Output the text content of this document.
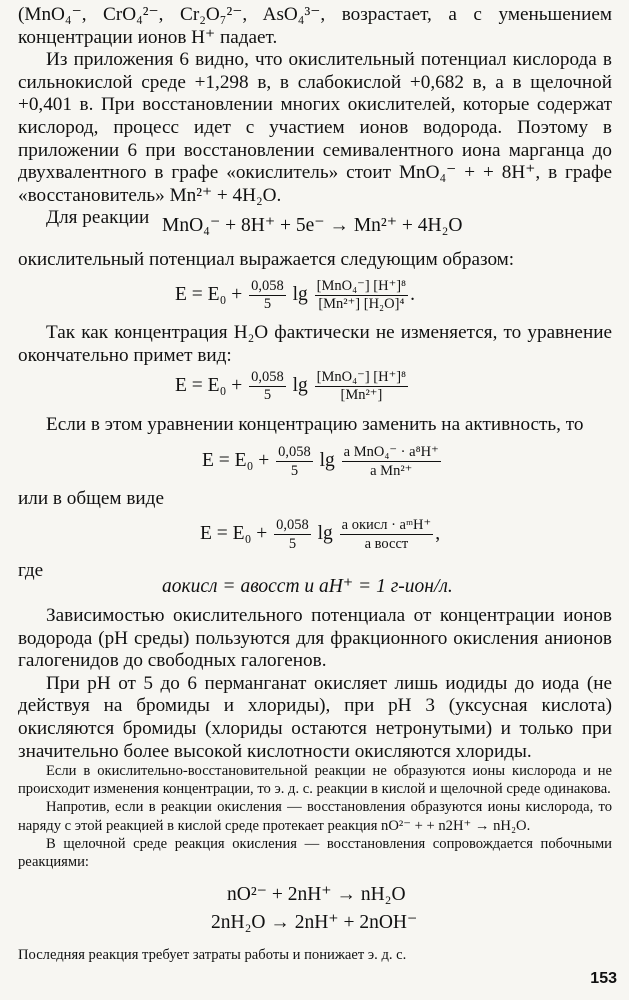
(MnO₄⁻, CrO₄²⁻, Cr₂O₇²⁻, AsO₄³⁻, возрастает, а с уменьшением концентрации ионов H⁺ падает.

Из приложения 6 видно, что окислительный потенциал кислорода в сильнокислой среде +1,298 в, в слабокислой +0,682 в, а в щелочной +0,401 в. При восстановлении многих окислителей, которые содержат кислород, процесс идет с участием ионов водорода. Поэтому в приложении 6 при восстановлении семивалентного иона марганца до двухвалентного в графе «окислитель» стоит MnO₄⁻ + + 8H⁺, в графе «восстановитель» Mn²⁺ + 4H₂O.

Для реакции MnO₄⁻ + 8H⁺ + 5e⁻ → Mn²⁺ + 4H₂O

окислительный потенциал выражается следующим образом:

$E = E_0 + \frac{0,058}{5}$ $\lg \frac{\text{[MnO₄⁻] [H⁺]⁸}}{\text{[Mn²⁺] [H₂O]⁴}}$ .

Так как концентрация H₂O фактически не изменяется, то уравнение окончательно примет вид:

$E = E_0 + \frac{0,058}{5}$ $\lg \frac{\text{[MnO₄⁻] [H⁺]⁸}}{\text{[Mn²⁺]}}$

Если в этом уравнении концентрацию заменить на активность, то

$E = E_0 + \frac{0,058}{5}$ $\lg \frac{\text{a MnO₄⁻ · a⁸H⁺}}{\text{a Mn²⁺}}$

или в общем виде

$E = E_0 + \frac{0,058}{5}$ $\lg \frac{\text{a окисл · aᵐH⁺}}{\text{a восст}}$ ,

где

aокисл = aвосст и aH⁺ = 1 г-ион/л.

Зависимостью окислительного потенциала от концентрации ионов водорода (pH среды) пользуются для фракционного окисления анионов галогенидов до свободных галогенов.

При pH от 5 до 6 перманганат окисляет лишь иодиды до иода (не действуя на бромиды и хлориды), при pH 3 (уксусная кислота) окисляются бромиды (хлориды остаются нетронутыми) и только при значительно более высокой кислотности окисляются хлориды.

Если в окислительно-восстановительной реакции не образуются ионы кислорода и не происходит изменения концентрации, то э. д. с. реакции в кислой и щелочной среде одинакова.

Напротив, если в реакции окисления — восстановления образуются ионы кислорода, то наряду с этой реакцией в кислой среде протекает реакция nO²⁻ + + n2H⁺ → nH₂O.

В щелочной среде реакция окисления — восстановления сопровождается побочными реакциями:

nO²⁻ + 2nH⁺ → nH₂O
2nH₂O → 2nH⁺ + 2nOH⁻

Последняя реакция требует затраты работы и понижает э. д. с.

153
